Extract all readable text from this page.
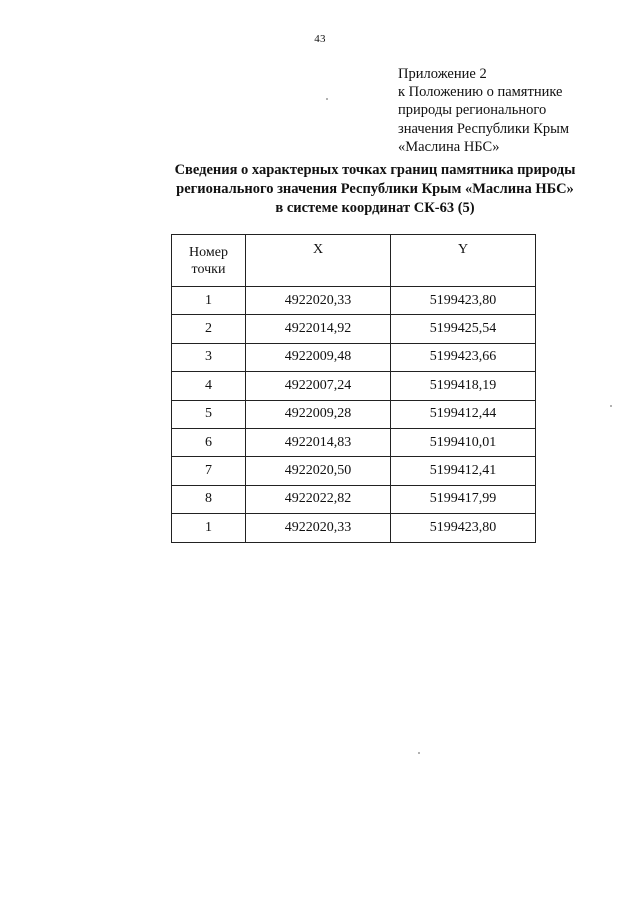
43
Приложение 2
к Положению о памятнике
природы регионального
значения Республики Крым
«Маслина НБС»
Сведения о характерных точках границ памятника природы
регионального значения Республики Крым «Маслина НБС»
в системе координат СК-63 (5)
Номер
точки	X	Y
1	4922020,33	5199423,80
2	4922014,92	5199425,54
3	4922009,48	5199423,66
4	4922007,24	5199418,19
5	4922009,28	5199412,44
6	4922014,83	5199410,01
7	4922020,50	5199412,41
8	4922022,82	5199417,99
1	4922020,33	5199423,80
